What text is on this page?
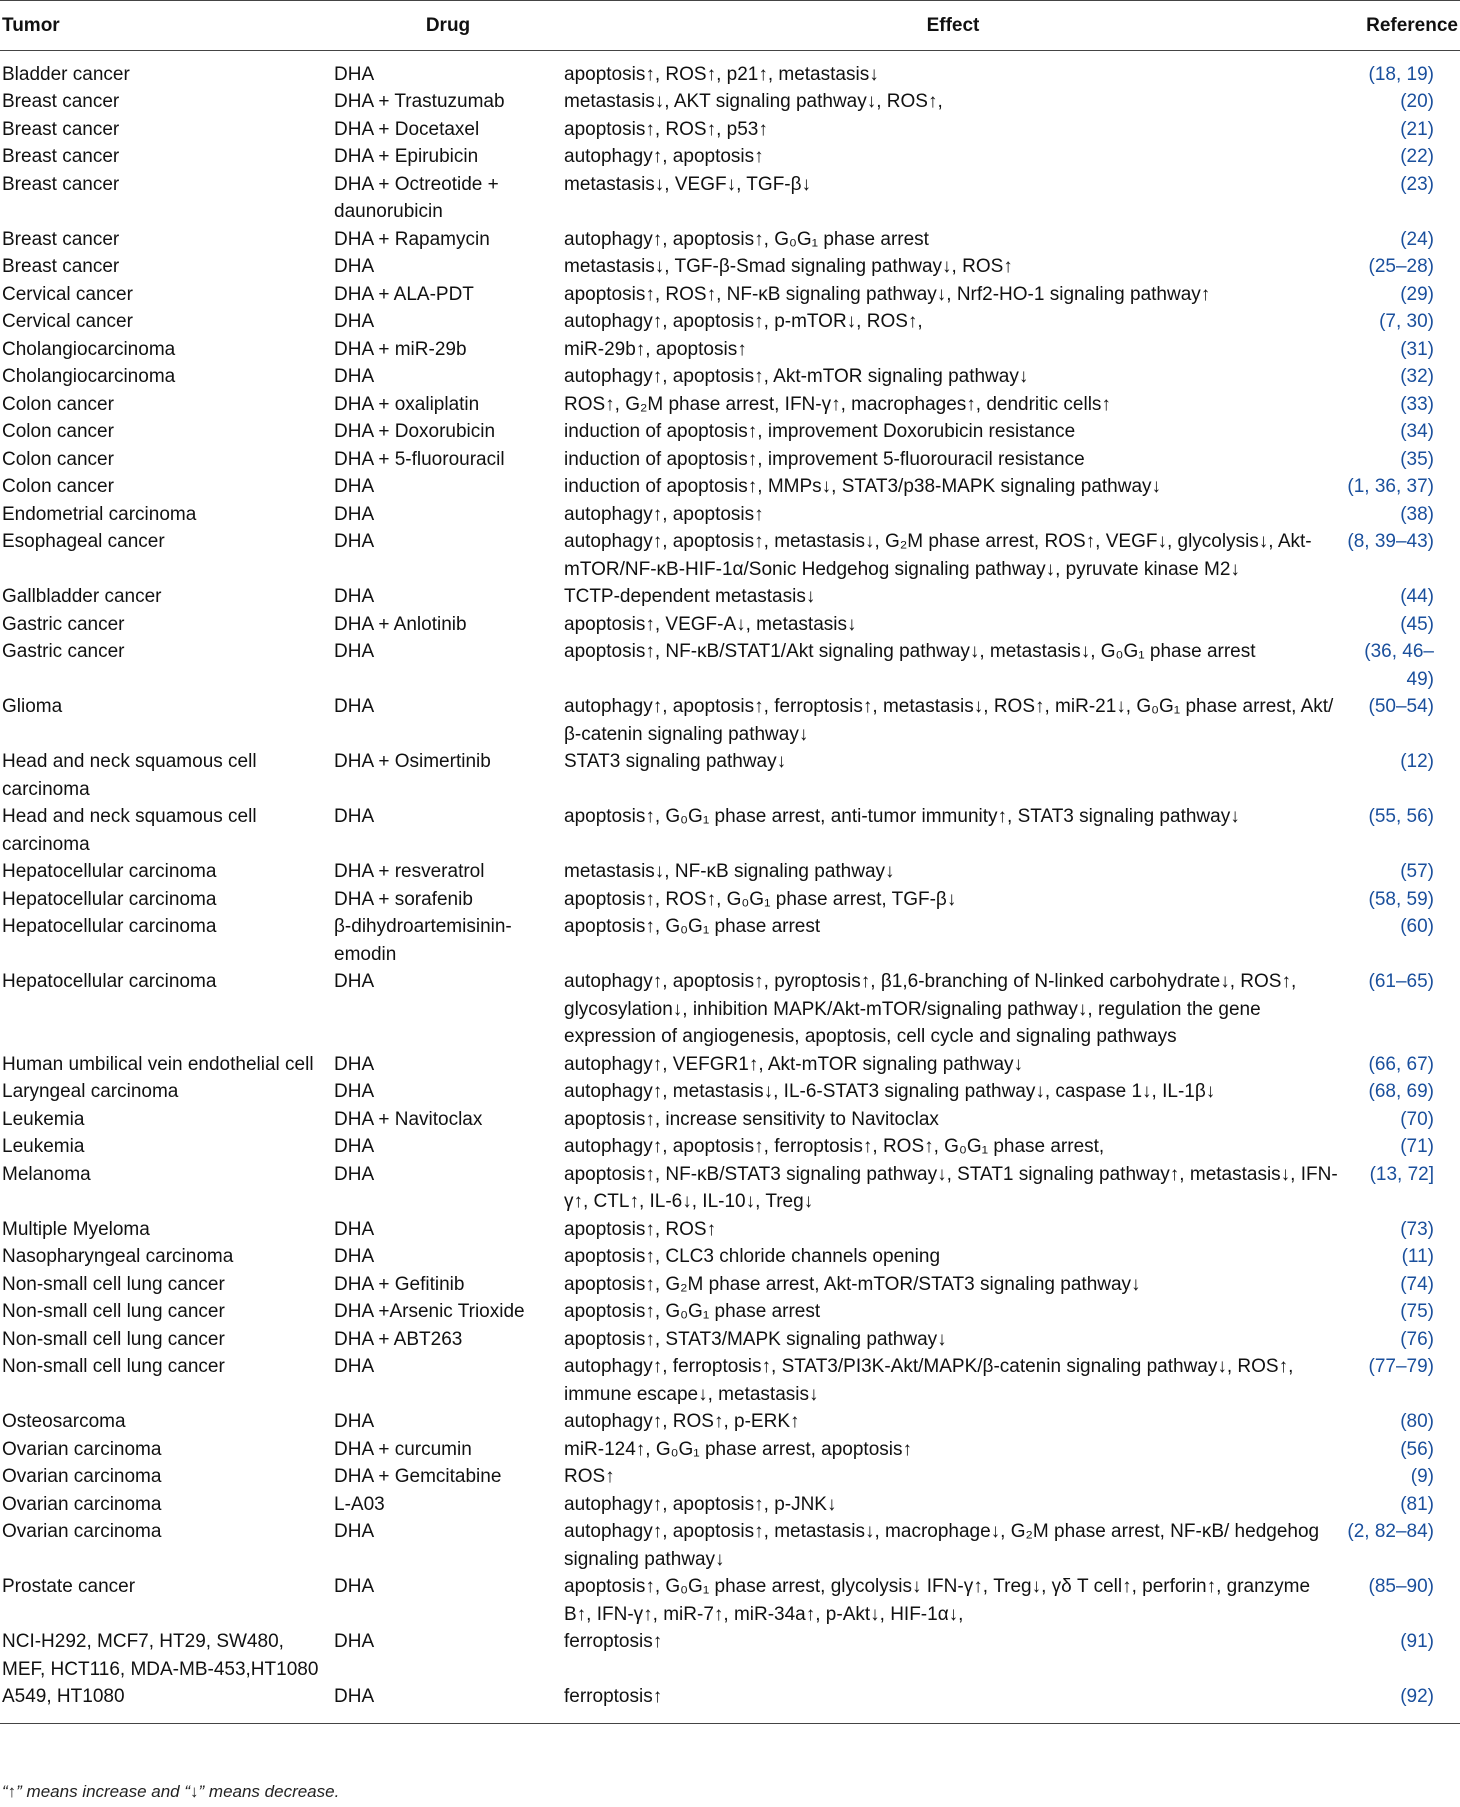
Tumor	Drug	Effect	Reference
Bladder cancer	DHA	apoptosis↑, ROS↑, p21↑, metastasis↓	(18, 19)
Breast cancer	DHA + Trastuzumab	metastasis↓, AKT signaling pathway↓, ROS↑,	(20)
Breast cancer	DHA + Docetaxel	apoptosis↑, ROS↑, p53↑	(21)
Breast cancer	DHA + Epirubicin	autophagy↑, apoptosis↑	(22)
Breast cancer	DHA + Octreotide + daunorubicin	metastasis↓, VEGF↓, TGF-β↓	(23)
Breast cancer	DHA + Rapamycin	autophagy↑, apoptosis↑, G₀G₁ phase arrest	(24)
Breast cancer	DHA	metastasis↓, TGF-β-Smad signaling pathway↓, ROS↑	(25–28)
Cervical cancer	DHA + ALA-PDT	apoptosis↑, ROS↑, NF-κB signaling pathway↓, Nrf2-HO-1 signaling pathway↑	(29)
Cervical cancer	DHA	autophagy↑, apoptosis↑, p-mTOR↓, ROS↑,	(7, 30)
Cholangiocarcinoma	DHA + miR-29b	miR-29b↑, apoptosis↑	(31)
Cholangiocarcinoma	DHA	autophagy↑, apoptosis↑, Akt-mTOR signaling pathway↓	(32)
Colon cancer	DHA + oxaliplatin	ROS↑, G₂M phase arrest, IFN-γ↑, macrophages↑, dendritic cells↑	(33)
Colon cancer	DHA + Doxorubicin	induction of apoptosis↑, improvement Doxorubicin resistance	(34)
Colon cancer	DHA + 5-fluorouracil	induction of apoptosis↑, improvement 5-fluorouracil resistance	(35)
Colon cancer	DHA	induction of apoptosis↑, MMPs↓, STAT3/p38-MAPK signaling pathway↓	(1, 36, 37)
Endometrial carcinoma	DHA	autophagy↑, apoptosis↑	(38)
Esophageal cancer	DHA	autophagy↑, apoptosis↑, metastasis↓, G₂M phase arrest, ROS↑, VEGF↓, glycolysis↓, Akt-mTOR/NF-κB-HIF-1α/Sonic Hedgehog signaling pathway↓, pyruvate kinase M2↓	(8, 39–43)
Gallbladder cancer	DHA	TCTP-dependent metastasis↓	(44)
Gastric cancer	DHA + Anlotinib	apoptosis↑, VEGF-A↓, metastasis↓	(45)
Gastric cancer	DHA	apoptosis↑, NF-κB/STAT1/Akt signaling pathway↓, metastasis↓, G₀G₁ phase arrest	(36, 46–49)
Glioma	DHA	autophagy↑, apoptosis↑, ferroptosis↑, metastasis↓, ROS↑, miR-21↓, G₀G₁ phase arrest, Akt/β-catenin signaling pathway↓	(50–54)
Head and neck squamous cell carcinoma	DHA + Osimertinib	STAT3 signaling pathway↓	(12)
Head and neck squamous cell carcinoma	DHA	apoptosis↑, G₀G₁ phase arrest, anti-tumor immunity↑, STAT3 signaling pathway↓	(55, 56)
Hepatocellular carcinoma	DHA + resveratrol	metastasis↓, NF-κB signaling pathway↓	(57)
Hepatocellular carcinoma	DHA + sorafenib	apoptosis↑, ROS↑, G₀G₁ phase arrest, TGF-β↓	(58, 59)
Hepatocellular carcinoma	β-dihydroartemisinin-emodin	apoptosis↑, G₀G₁ phase arrest	(60)
Hepatocellular carcinoma	DHA	autophagy↑, apoptosis↑, pyroptosis↑, β1,6-branching of N-linked carbohydrate↓, ROS↑, glycosylation↓, inhibition MAPK/Akt-mTOR/signaling pathway↓, regulation the gene expression of angiogenesis, apoptosis, cell cycle and signaling pathways	(61–65)
Human umbilical vein endothelial cell	DHA	autophagy↑, VEFGR1↑, Akt-mTOR signaling pathway↓	(66, 67)
Laryngeal carcinoma	DHA	autophagy↑, metastasis↓, IL-6-STAT3 signaling pathway↓, caspase 1↓, IL-1β↓	(68, 69)
Leukemia	DHA + Navitoclax	apoptosis↑, increase sensitivity to Navitoclax	(70)
Leukemia	DHA	autophagy↑, apoptosis↑, ferroptosis↑, ROS↑, G₀G₁ phase arrest,	(71)
Melanoma	DHA	apoptosis↑, NF-κB/STAT3 signaling pathway↓, STAT1 signaling pathway↑, metastasis↓, IFN-γ↑, CTL↑, IL-6↓, IL-10↓, Treg↓	(13, 72]
Multiple Myeloma	DHA	apoptosis↑, ROS↑	(73)
Nasopharyngeal carcinoma	DHA	apoptosis↑, CLC3 chloride channels opening	(11)
Non-small cell lung cancer	DHA + Gefitinib	apoptosis↑, G₂M phase arrest, Akt-mTOR/STAT3 signaling pathway↓	(74)
Non-small cell lung cancer	DHA +Arsenic Trioxide	apoptosis↑, G₀G₁ phase arrest	(75)
Non-small cell lung cancer	DHA + ABT263	apoptosis↑, STAT3/MAPK signaling pathway↓	(76)
Non-small cell lung cancer	DHA	autophagy↑, ferroptosis↑, STAT3/PI3K-Akt/MAPK/β-catenin signaling pathway↓, ROS↑, immune escape↓, metastasis↓	(77–79)
Osteosarcoma	DHA	autophagy↑, ROS↑, p-ERK↑	(80)
Ovarian carcinoma	DHA + curcumin	miR-124↑, G₀G₁ phase arrest, apoptosis↑	(56)
Ovarian carcinoma	DHA + Gemcitabine	ROS↑	(9)
Ovarian carcinoma	L-A03	autophagy↑, apoptosis↑, p-JNK↓	(81)
Ovarian carcinoma	DHA	autophagy↑, apoptosis↑, metastasis↓, macrophage↓, G₂M phase arrest, NF-κB/ hedgehog signaling pathway↓	(2, 82–84)
Prostate cancer	DHA	apoptosis↑, G₀G₁ phase arrest, glycolysis↓ IFN-γ↑, Treg↓, γδ T cell↑, perforin↑, granzyme B↑, IFN-γ↑, miR-7↑, miR-34a↑, p-Akt↓, HIF-1α↓,	(85–90)
NCI-H292, MCF7, HT29, SW480, MEF, HCT116, MDA-MB-453,HT1080	DHA	ferroptosis↑	(91)
A549, HT1080	DHA	ferroptosis↑	(92)
“↑” means increase and “↓” means decrease.
